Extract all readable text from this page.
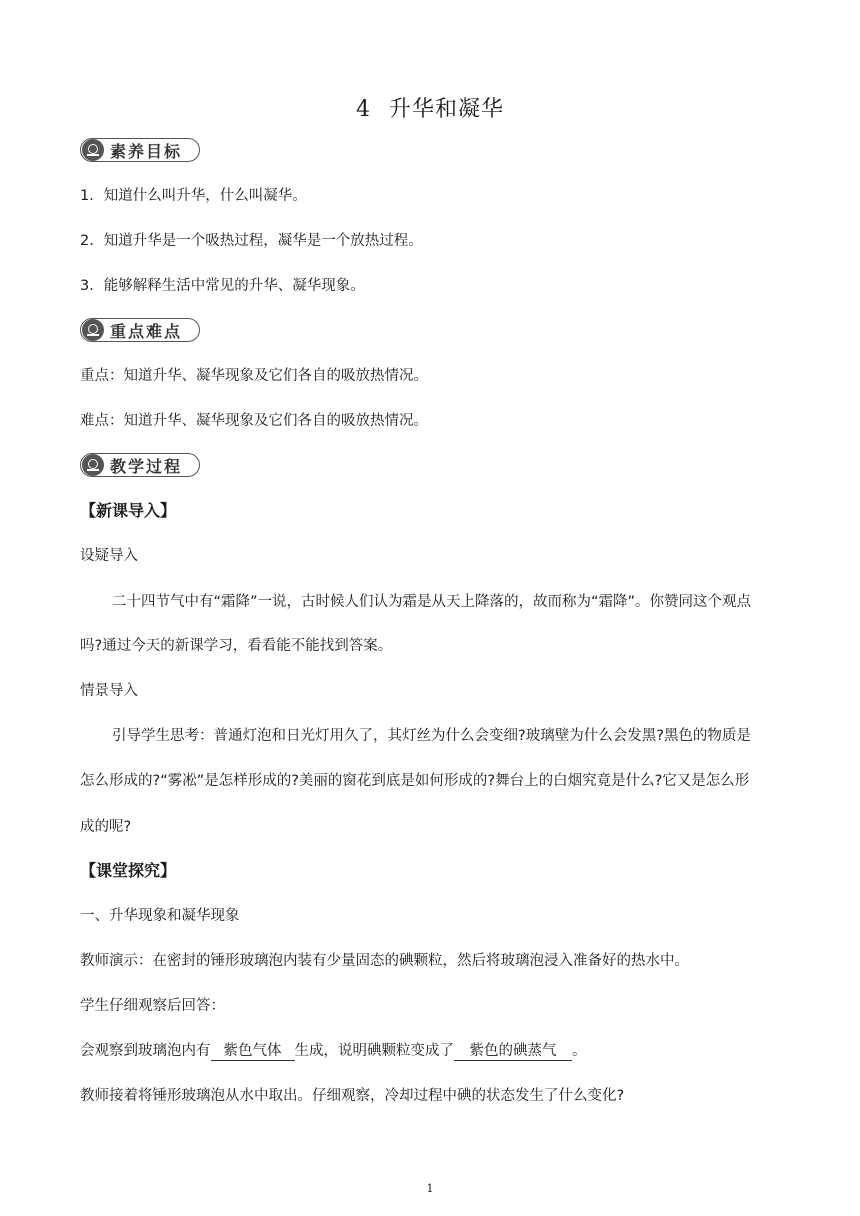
4 升华和凝华
素养目标
1．知道什么叫升华，什么叫凝华。
2．知道升华是一个吸热过程，凝华是一个放热过程。
3．能够解释生活中常见的升华、凝华现象。
重点难点
重点：知道升华、凝华现象及它们各自的吸放热情况。
难点：知道升华、凝华现象及它们各自的吸放热情况。
教学过程
【新课导入】
设疑导入
二十四节气中有“霜降”一说，古时候人们认为霜是从天上降落的，故而称为“霜降”。你赞同这个观点
吗?通过今天的新课学习，看看能不能找到答案。
情景导入
引导学生思考：普通灯泡和日光灯用久了，其灯丝为什么会变细?玻璃壁为什么会发黑?黑色的物质是
怎么形成的?“雾凇”是怎样形成的?美丽的窗花到底是如何形成的?舞台上的白烟究竟是什么?它又是怎么形
成的呢?
【课堂探究】
一、升华现象和凝华现象
教师演示：在密封的锤形玻璃泡内装有少量固态的碘颗粒，然后将玻璃泡浸入准备好的热水中。
学生仔细观察后回答：
会观察到玻璃泡内有 紫色气体 生成，说明碘颗粒变成了 紫色的碘蒸气 。
教师接着将锤形玻璃泡从水中取出。仔细观察，冷却过程中碘的状态发生了什么变化?
1
